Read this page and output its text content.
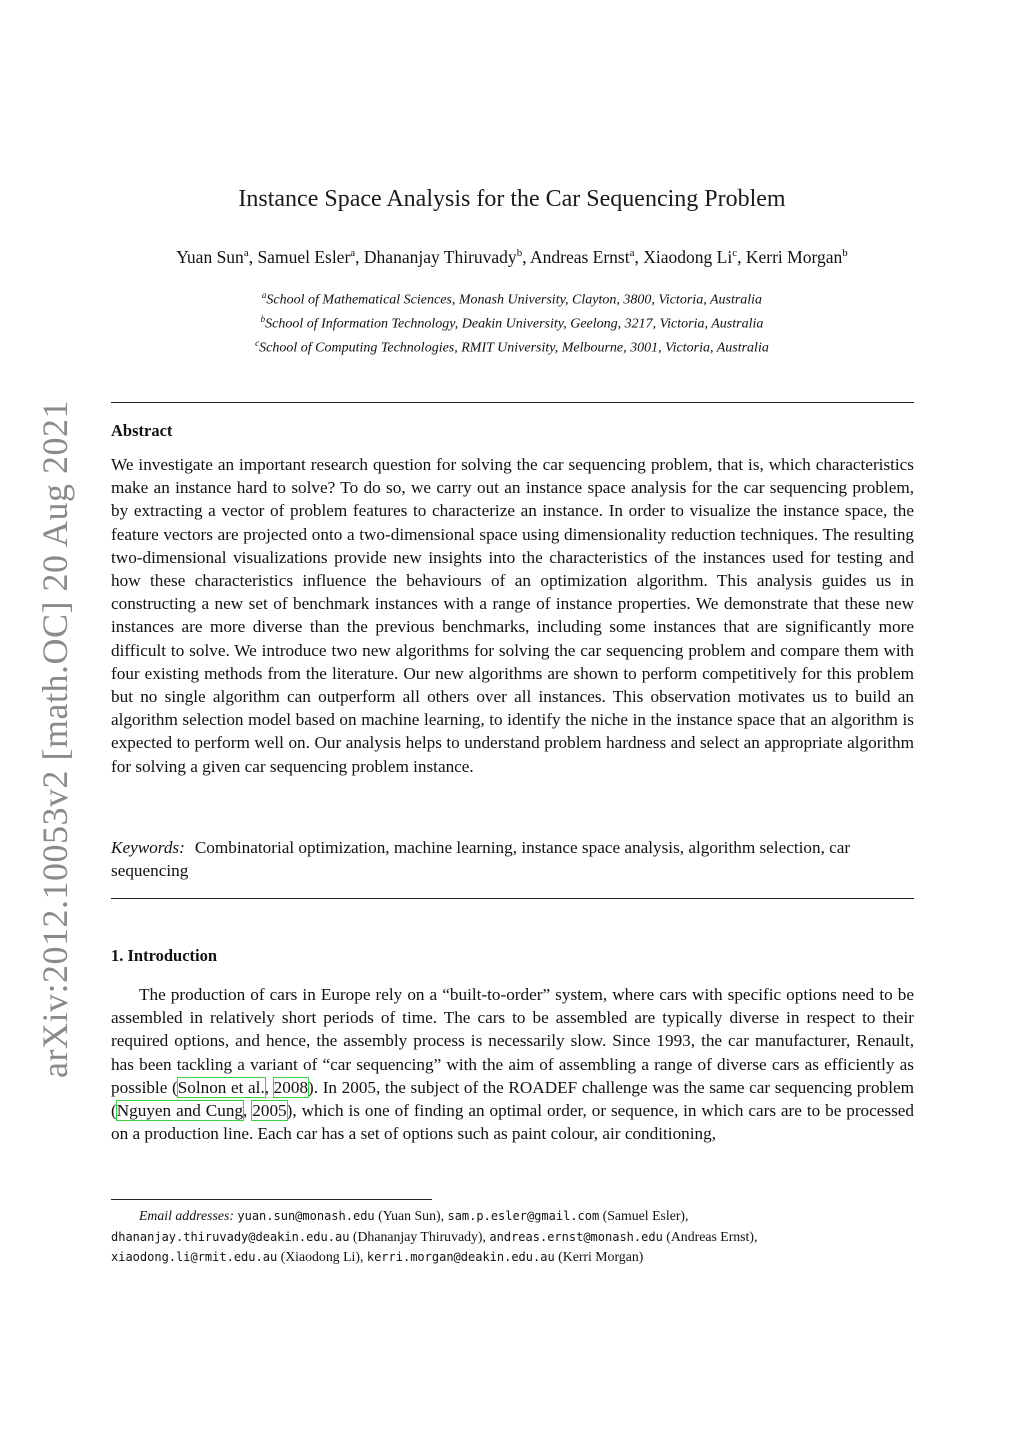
arXiv:2012.10053v2 [math.OC] 20 Aug 2021
Instance Space Analysis for the Car Sequencing Problem
Yuan Sun$^a$, Samuel Esler$^a$, Dhananjay Thiruvady$^b$, Andreas Ernst$^a$, Xiaodong Li$^c$, Kerri Morgan$^b$
$^a$School of Mathematical Sciences, Monash University, Clayton, 3800, Victoria, Australia
$^b$School of Information Technology, Deakin University, Geelong, 3217, Victoria, Australia
$^c$School of Computing Technologies, RMIT University, Melbourne, 3001, Victoria, Australia
Abstract

We investigate an important research question for solving the car sequencing problem, that is, which characteristics make an instance hard to solve? To do so, we carry out an instance space analysis for the car sequencing problem, by extracting a vector of problem features to characterize an instance. In order to visualize the instance space, the feature vectors are projected onto a two-dimensional space using dimensionality reduction techniques. The resulting two-dimensional visualizations provide new insights into the characteristics of the instances used for testing and how these characteristics influence the behaviours of an optimization algorithm. This analysis guides us in constructing a new set of benchmark instances with a range of instance properties. We demonstrate that these new instances are more diverse than the previous benchmarks, including some instances that are significantly more difficult to solve. We introduce two new algorithms for solving the car sequencing problem and compare them with four existing methods from the literature. Our new algorithms are shown to perform competitively for this problem but no single algorithm can outperform all others over all instances. This observation motivates us to build an algorithm selection model based on machine learning, to identify the niche in the instance space that an algorithm is expected to perform well on. Our analysis helps to understand problem hardness and select an appropriate algorithm for solving a given car sequencing problem instance.

Keywords: Combinatorial optimization, machine learning, instance space analysis, algorithm selection, car sequencing

1. Introduction

The production of cars in Europe rely on a “built-to-order” system, where cars with specific options need to be assembled in relatively short periods of time. The cars to be assembled are typically diverse in respect to their required options, and hence, the assembly process is necessarily slow. Since 1993, the car manufacturer, Renault, has been tackling a variant of “car sequencing” with the aim of assembling a range of diverse cars as efficiently as possible (Solnon et al., 2008). In 2005, the subject of the ROADEF challenge was the same car sequencing problem (Nguyen and Cung, 2005), which is one of finding an optimal order, or sequence, in which cars are to be processed on a production line. Each car has a set of options such as paint colour, air conditioning,

Email addresses: yuan.sun@monash.edu (Yuan Sun), sam.p.esler@gmail.com (Samuel Esler),
dhananjay.thiruvady@deakin.edu.au (Dhananjay Thiruvady), andreas.ernst@monash.edu (Andreas Ernst),
xiaodong.li@rmit.edu.au (Xiaodong Li), kerri.morgan@deakin.edu.au (Kerri Morgan)
